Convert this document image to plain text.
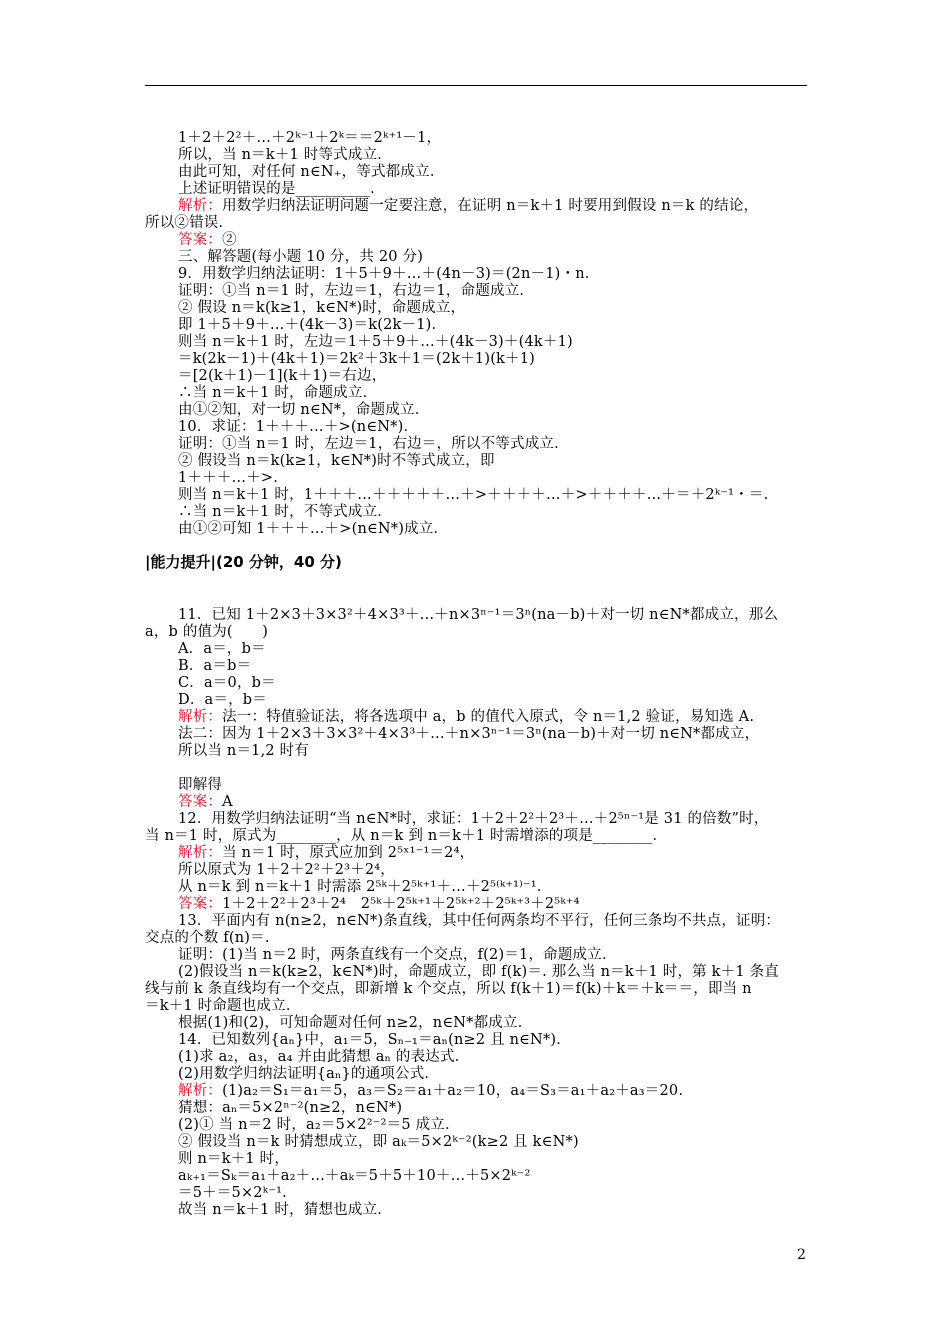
1＋2＋2²＋…＋2ᵏ⁻¹＋2ᵏ＝＝2ᵏ⁺¹－1，
所以，当 n＝k＋1 时等式成立．
由此可知，对任何 n∈N₊，等式都成立．
上述证明错误的是__________．
解析：用数学归纳法证明问题一定要注意，在证明 n＝k＋1 时要用到假设 n＝k 的结论，
所以②错误．
答案：②
三、解答题(每小题 10 分，共 20 分)
9．用数学归纳法证明：1＋5＋9＋…＋(4n－3)＝(2n－1)・n.
证明：①当 n＝1 时，左边＝1，右边＝1，命题成立．
② 假设 n＝k(k≥1，k∈N*)时，命题成立，
即 1＋5＋9＋…＋(4k－3)＝k(2k－1)．
则当 n＝k＋1 时，左边＝1＋5＋9＋…＋(4k－3)＋(4k＋1)
＝k(2k－1)＋(4k＋1)＝2k²＋3k＋1＝(2k＋1)(k＋1)
＝[2(k＋1)－1](k＋1)＝右边，
∴当 n＝k＋1 时，命题成立．
由①②知，对一切 n∈N*，命题成立．
10．求证：1＋＋＋…＋>(n∈N*)．
证明：①当 n＝1 时，左边＝1，右边＝，所以不等式成立．
② 假设当 n＝k(k≥1，k∈N*)时不等式成立，即
1＋＋＋…＋>.
则当 n＝k＋1 时，1＋＋＋…＋＋＋＋＋…＋>＋＋＋＋…＋>＋＋＋＋…＋＝＋2ᵏ⁻¹・＝.
∴当 n＝k＋1 时，不等式成立．
由①②可知 1＋＋＋…＋>(n∈N*)成立．
|能力提升|(20 分钟，40 分)
11．已知 1＋2×3＋3×3²＋4×3³＋…＋n×3ⁿ⁻¹＝3ⁿ(na－b)＋对一切 n∈N*都成立，那么
a，b 的值为(　　)
A．a＝，b＝
B．a＝b＝
C．a＝0，b＝
D．a＝，b＝
解析：法一：特值验证法，将各选项中 a，b 的值代入原式，令 n＝1,2 验证，易知选 A.
法二：因为 1＋2×3＋3×3²＋4×3³＋…＋n×3ⁿ⁻¹＝3ⁿ(na－b)＋对一切 n∈N*都成立，
所以当 n＝1,2 时有
即解得
答案：A
12．用数学归纳法证明“当 n∈N*时，求证：1＋2＋2²＋2³＋…＋2⁵ⁿ⁻¹是 31 的倍数”时，
当 n＝1 时，原式为________，从 n＝k 到 n＝k＋1 时需增添的项是________．
解析：当 n＝1 时，原式应加到 2⁵ˣ¹⁻¹＝2⁴，
所以原式为 1＋2＋2²＋2³＋2⁴，
从 n＝k 到 n＝k＋1 时需添 2⁵ᵏ＋2⁵ᵏ⁺¹＋…＋2⁵⁽ᵏ⁺¹⁾⁻¹．
答案：1＋2＋2²＋2³＋2⁴　2⁵ᵏ＋2⁵ᵏ⁺¹＋2⁵ᵏ⁺²＋2⁵ᵏ⁺³＋2⁵ᵏ⁺⁴
13．平面内有 n(n≥2，n∈N*)条直线，其中任何两条均不平行，任何三条均不共点，证明：
交点的个数 f(n)＝.
证明：(1)当 n＝2 时，两条直线有一个交点，f(2)＝1，命题成立．
(2)假设当 n＝k(k≥2，k∈N*)时，命题成立，即 f(k)＝. 那么当 n＝k＋1 时，第 k＋1 条直
线与前 k 条直线均有一个交点，即新增 k 个交点，所以 f(k＋1)＝f(k)＋k＝＋k＝＝，即当 n
＝k＋1 时命题也成立．
根据(1)和(2)，可知命题对任何 n≥2，n∈N*都成立．
14．已知数列{aₙ}中，a₁＝5，Sₙ₋₁＝aₙ(n≥2 且 n∈N*)．
(1)求 a₂，a₃，a₄ 并由此猜想 aₙ 的表达式．
(2)用数学归纳法证明{aₙ}的通项公式．
解析：(1)a₂＝S₁＝a₁＝5，a₃＝S₂＝a₁＋a₂＝10，a₄＝S₃＝a₁＋a₂＋a₃＝20.
猜想：aₙ＝5×2ⁿ⁻²(n≥2，n∈N*)
(2)① 当 n＝2 时，a₂＝5×2²⁻²＝5 成立．
② 假设当 n＝k 时猜想成立，即 aₖ＝5×2ᵏ⁻²(k≥2 且 k∈N*)
则 n＝k＋1 时，
aₖ₊₁＝Sₖ＝a₁＋a₂＋…＋aₖ＝5＋5＋10＋…＋5×2ᵏ⁻²
＝5＋＝5×2ᵏ⁻¹.
故当 n＝k＋1 时，猜想也成立．
2
